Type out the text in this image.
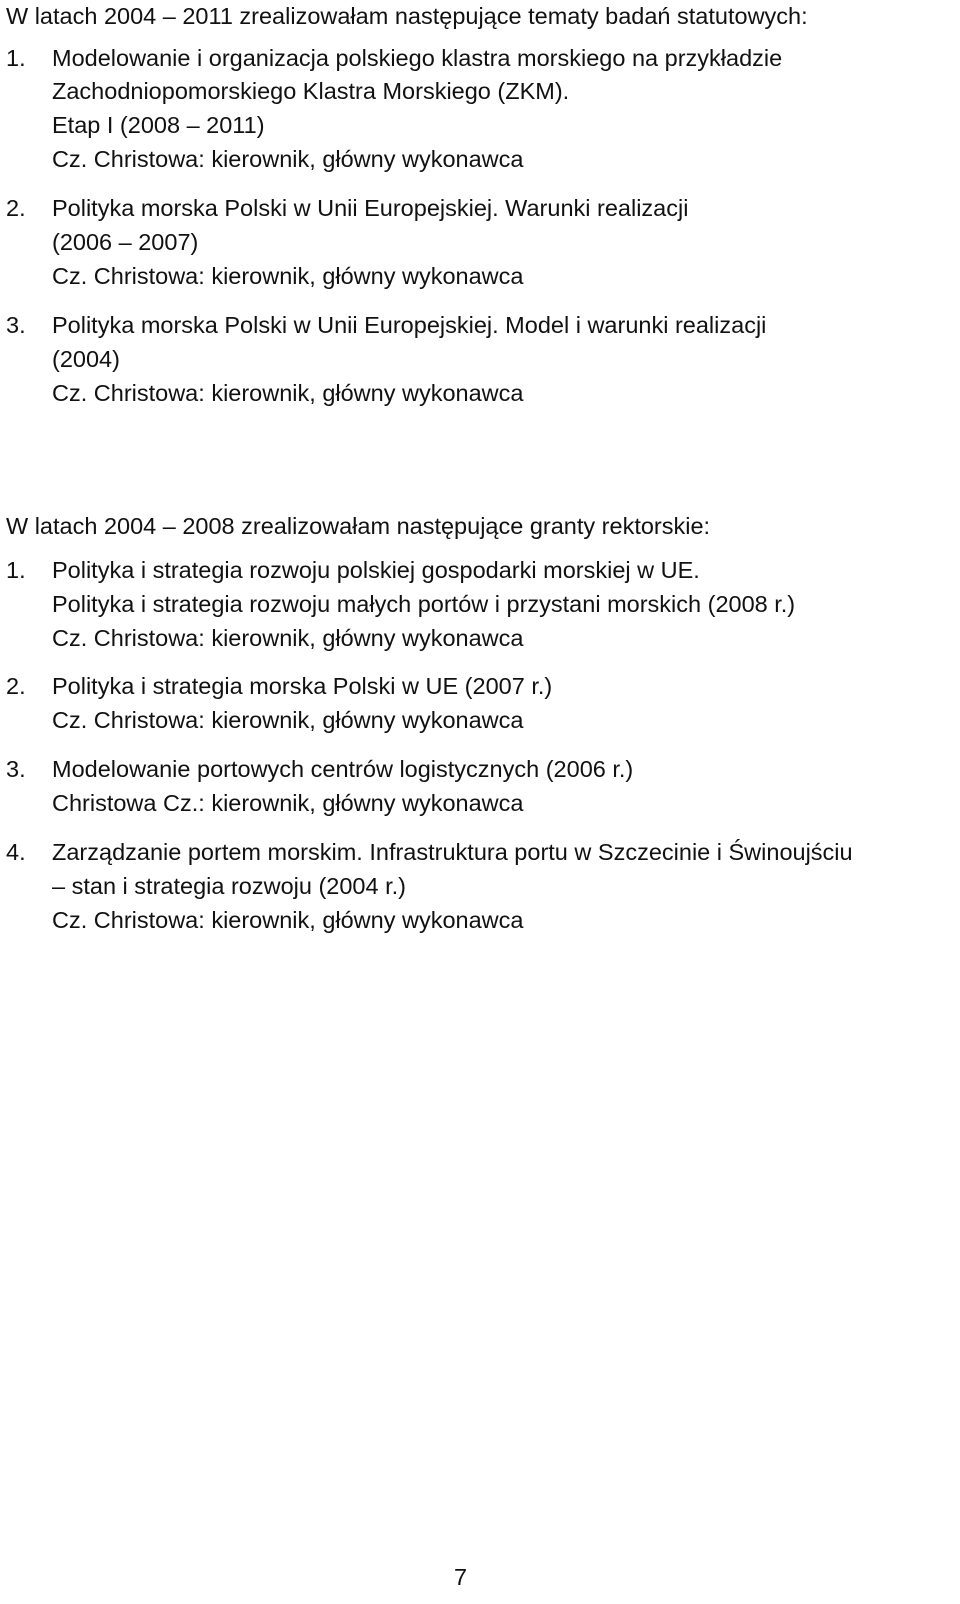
W latach 2004 – 2011 zrealizowałam następujące tematy badań statutowych:
1. Modelowanie i organizacja polskiego klastra morskiego na przykładzie
Zachodniopomorskiego Klastra Morskiego (ZKM).
Etap I (2008 – 2011)
Cz. Christowa: kierownik, główny wykonawca
2. Polityka morska Polski w Unii Europejskiej. Warunki realizacji
(2006 – 2007)
Cz. Christowa: kierownik, główny wykonawca
3. Polityka morska Polski w Unii Europejskiej. Model i warunki realizacji
(2004)
Cz. Christowa: kierownik, główny wykonawca
W latach 2004 – 2008 zrealizowałam następujące granty rektorskie:
1. Polityka i strategia rozwoju polskiej gospodarki morskiej w UE.
Polityka i strategia rozwoju małych portów i przystani morskich (2008 r.)
Cz. Christowa: kierownik, główny wykonawca
2. Polityka i strategia morska Polski w UE (2007 r.)
Cz. Christowa: kierownik, główny wykonawca
3. Modelowanie portowych centrów logistycznych (2006 r.)
Christowa Cz.: kierownik, główny wykonawca
4. Zarządzanie portem morskim. Infrastruktura portu w Szczecinie i Świnoujściu
– stan i strategia rozwoju (2004 r.)
Cz. Christowa: kierownik, główny wykonawca
7
